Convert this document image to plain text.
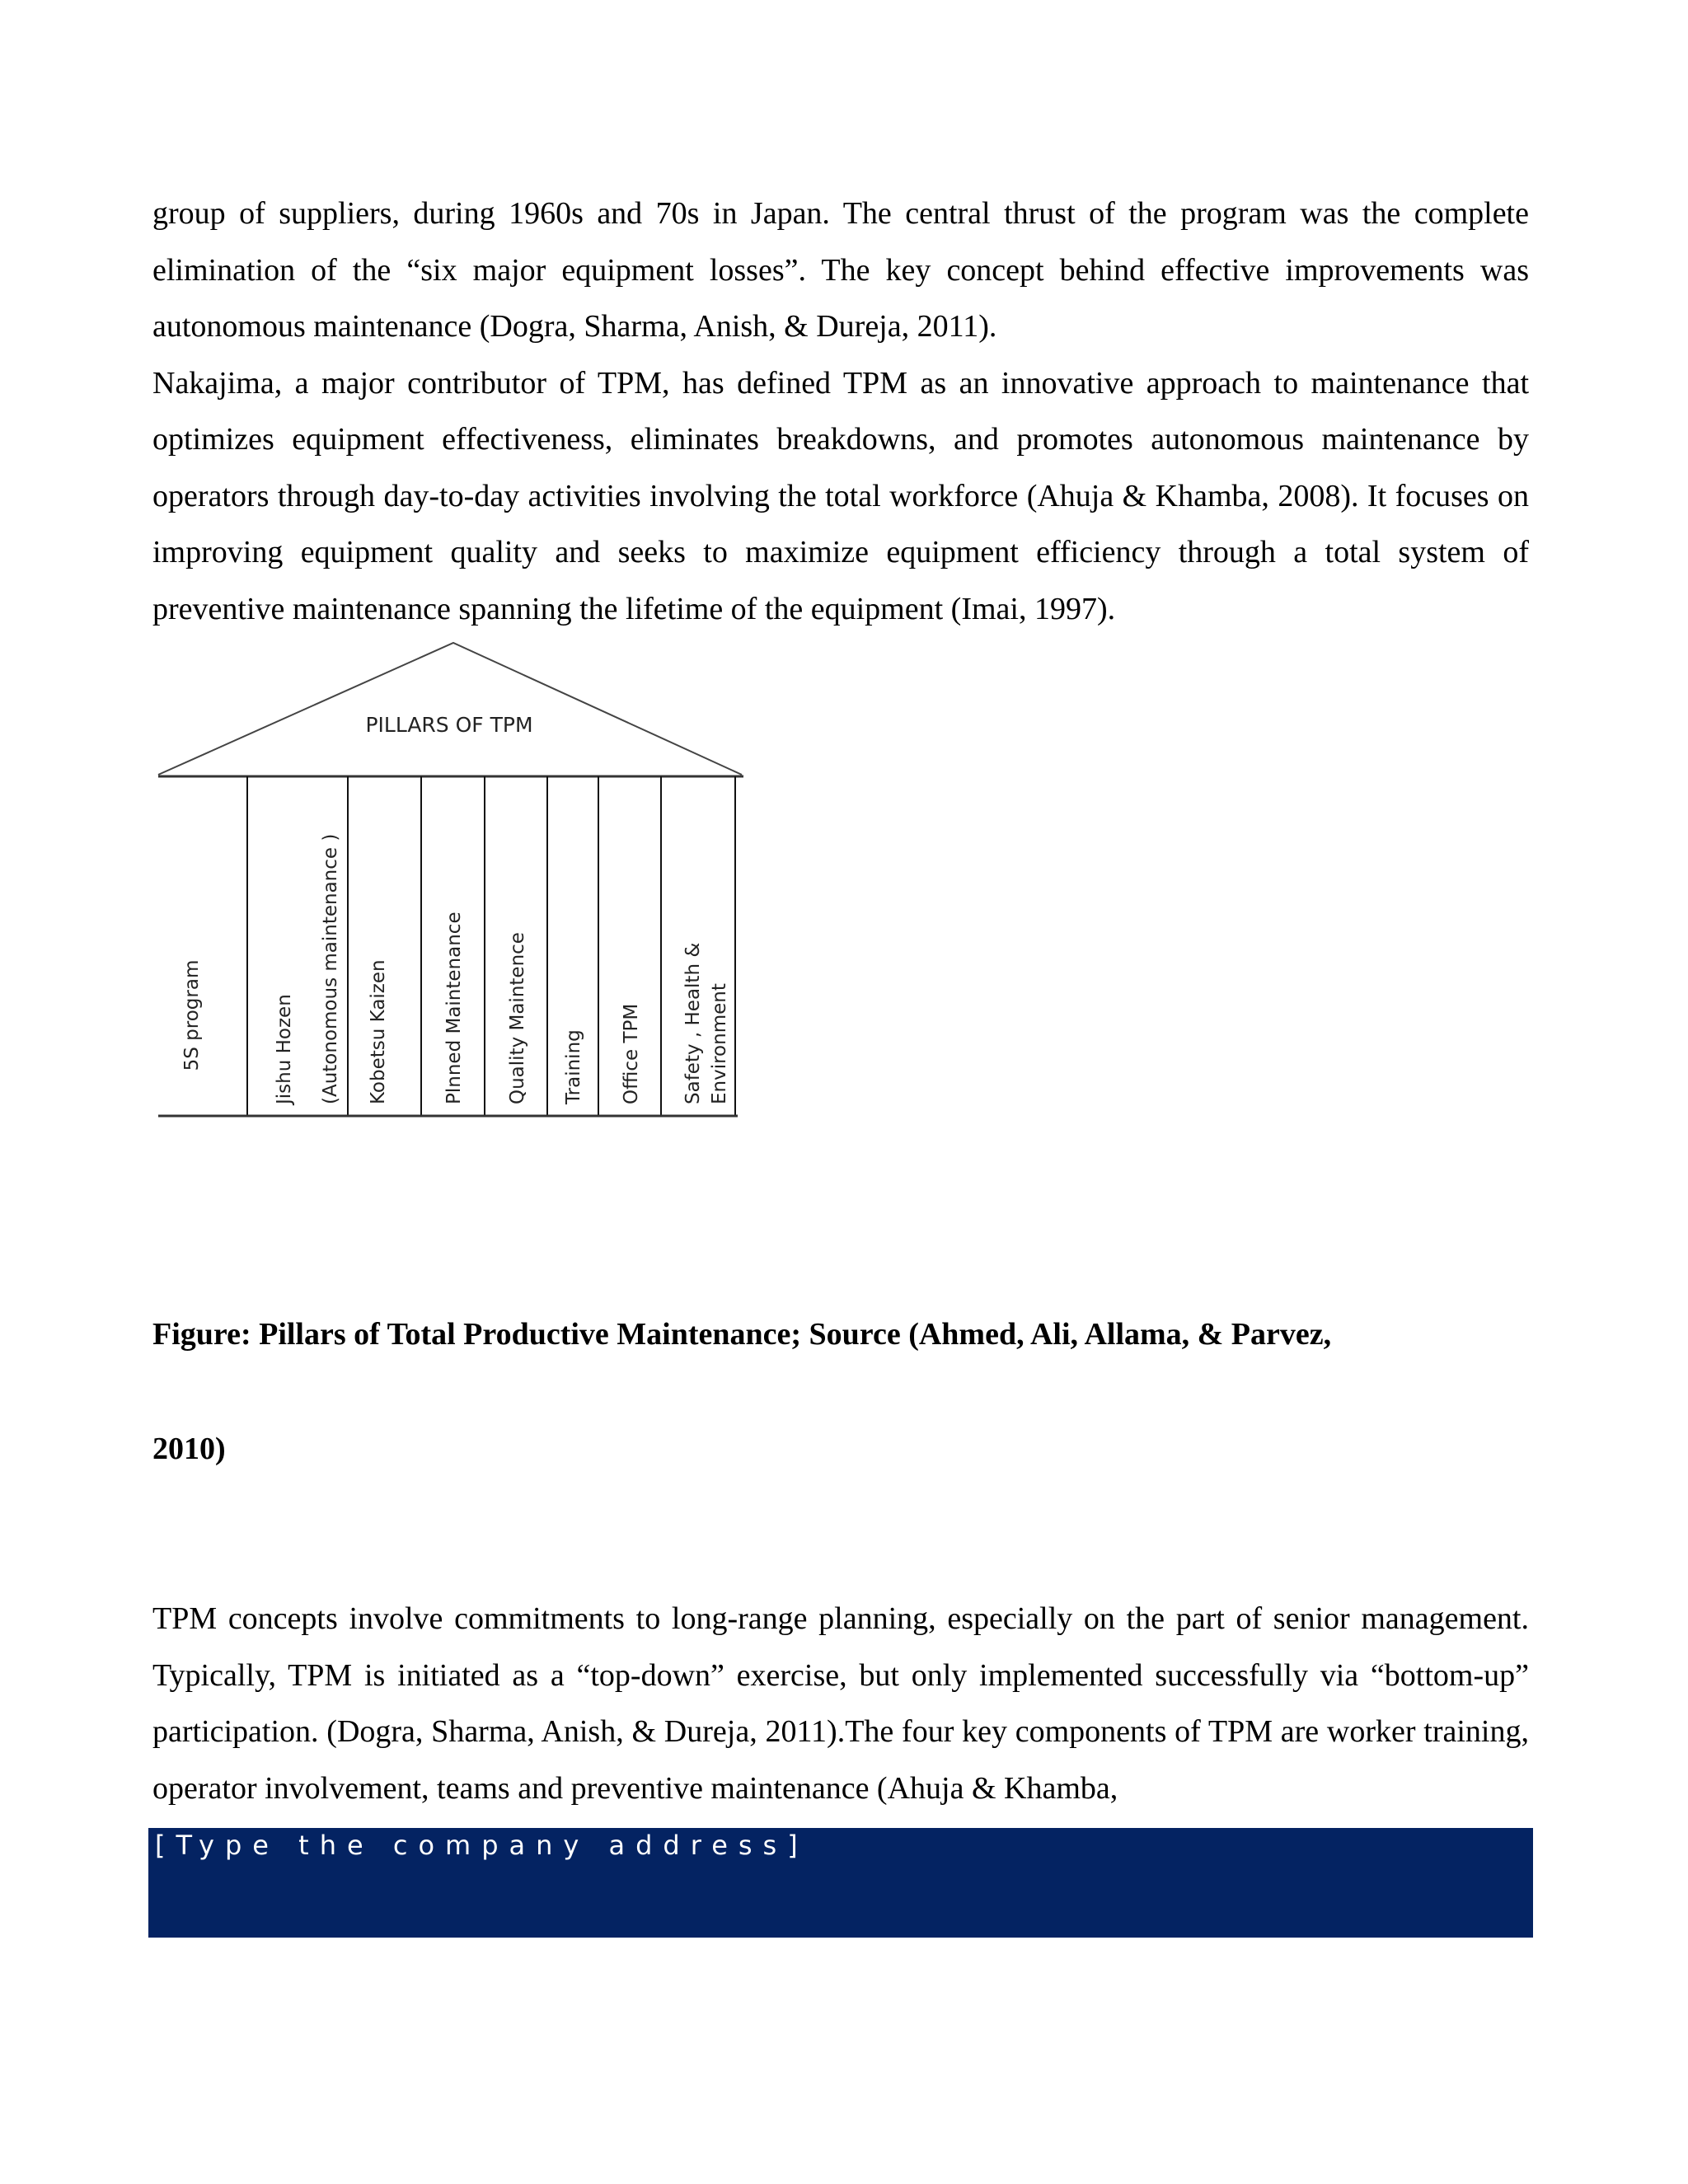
group of suppliers, during 1960s and 70s in Japan. The central thrust of the program was the complete elimination of the “six major equipment losses”. The key concept behind effective improvements was autonomous maintenance (Dogra, Sharma, Anish, & Dureja, 2011).
Nakajima, a major contributor of TPM, has defined TPM as an innovative approach to maintenance that optimizes equipment effectiveness, eliminates breakdowns, and promotes autonomous maintenance by operators through day-to-day activities involving the total workforce (Ahuja & Khamba, 2008). It focuses on improving equipment quality and seeks to maximize equipment efficiency through a total system of preventive maintenance spanning the lifetime of the equipment (Imai, 1997).
PILLARS OF TPM
5S program	Jishu Hozen (Autonomous maintenance ) Kobetsu Kaizen	Plnned Maintenance Quality Maintence Training Office TPM Safety , Health & Environment

Figure: Pillars of Total Productive Maintenance; Source (Ahmed, Ali, Allama, & Parvez,

2010)

TPM concepts involve commitments to long-range planning, especially on the part of senior management. Typically, TPM is initiated as a “top-down” exercise, but only implemented successfully via “bottom-up” participation. (Dogra, Sharma, Anish, & Dureja, 2011).The four key components of TPM are worker training, operator involvement, teams and preventive maintenance (Ahuja & Khamba,

[Type the company address]
